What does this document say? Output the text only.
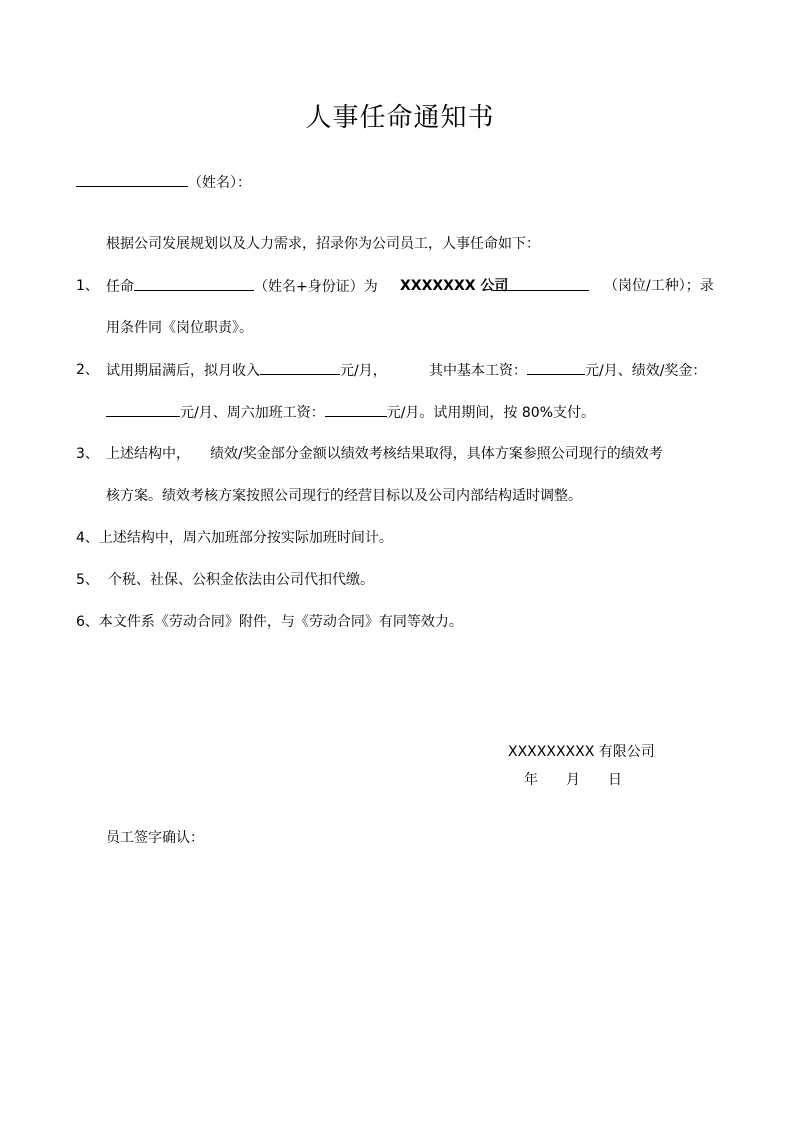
人事任命通知书
（姓名）：
根据公司发展规划以及人力需求，招录你为公司员工，人事任命如下：
1、 任命	（姓名+身份证）为 XXXXXXX 公司	（岗位/工种）；录
用条件同《岗位职责》。
2、 试用期届满后，拟月收入	元/月，	其中基本工资：	元/月、绩效/奖金：
元/月、周六加班工资：	元/月。试用期间，按 80%支付。
3、 上述结构中， 绩效/奖金部分金额以绩效考核结果取得，具体方案参照公司现行的绩效考
核方案。绩效考核方案按照公司现行的经营目标以及公司内部结构适时调整。
4、上述结构中，周六加班部分按实际加班时间计。
5、 个税、社保、公积金依法由公司代扣代缴。
6、本文件系《劳动合同》附件，与《劳动合同》有同等效力。
XXXXXXXXX 有限公司
年 月 日
员工签字确认：
